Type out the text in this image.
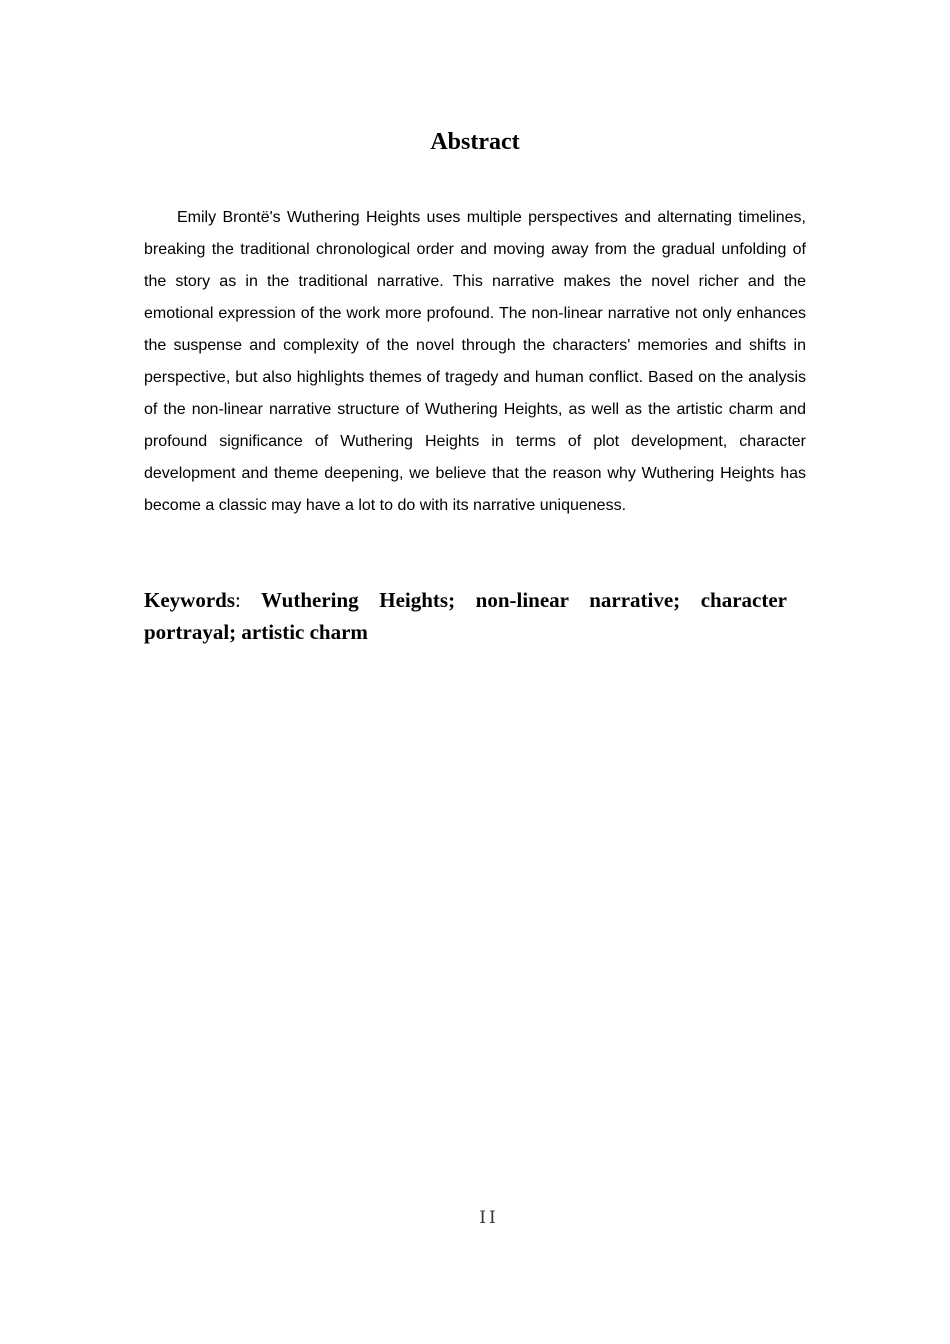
Abstract
Emily Brontë's Wuthering Heights uses multiple perspectives and alternating timelines, breaking the traditional chronological order and moving away from the gradual unfolding of the story as in the traditional narrative. This narrative makes the novel richer and the emotional expression of the work more profound. The non-linear narrative not only enhances the suspense and complexity of the novel through the characters' memories and shifts in perspective, but also highlights themes of tragedy and human conflict. Based on the analysis of the non-linear narrative structure of Wuthering Heights, as well as the artistic charm and profound significance of Wuthering Heights in terms of plot development, character development and theme deepening, we believe that the reason why Wuthering Heights has become a classic may have a lot to do with its narrative uniqueness.
Keywords: Wuthering Heights; non-linear narrative; character portrayal; artistic charm
II
